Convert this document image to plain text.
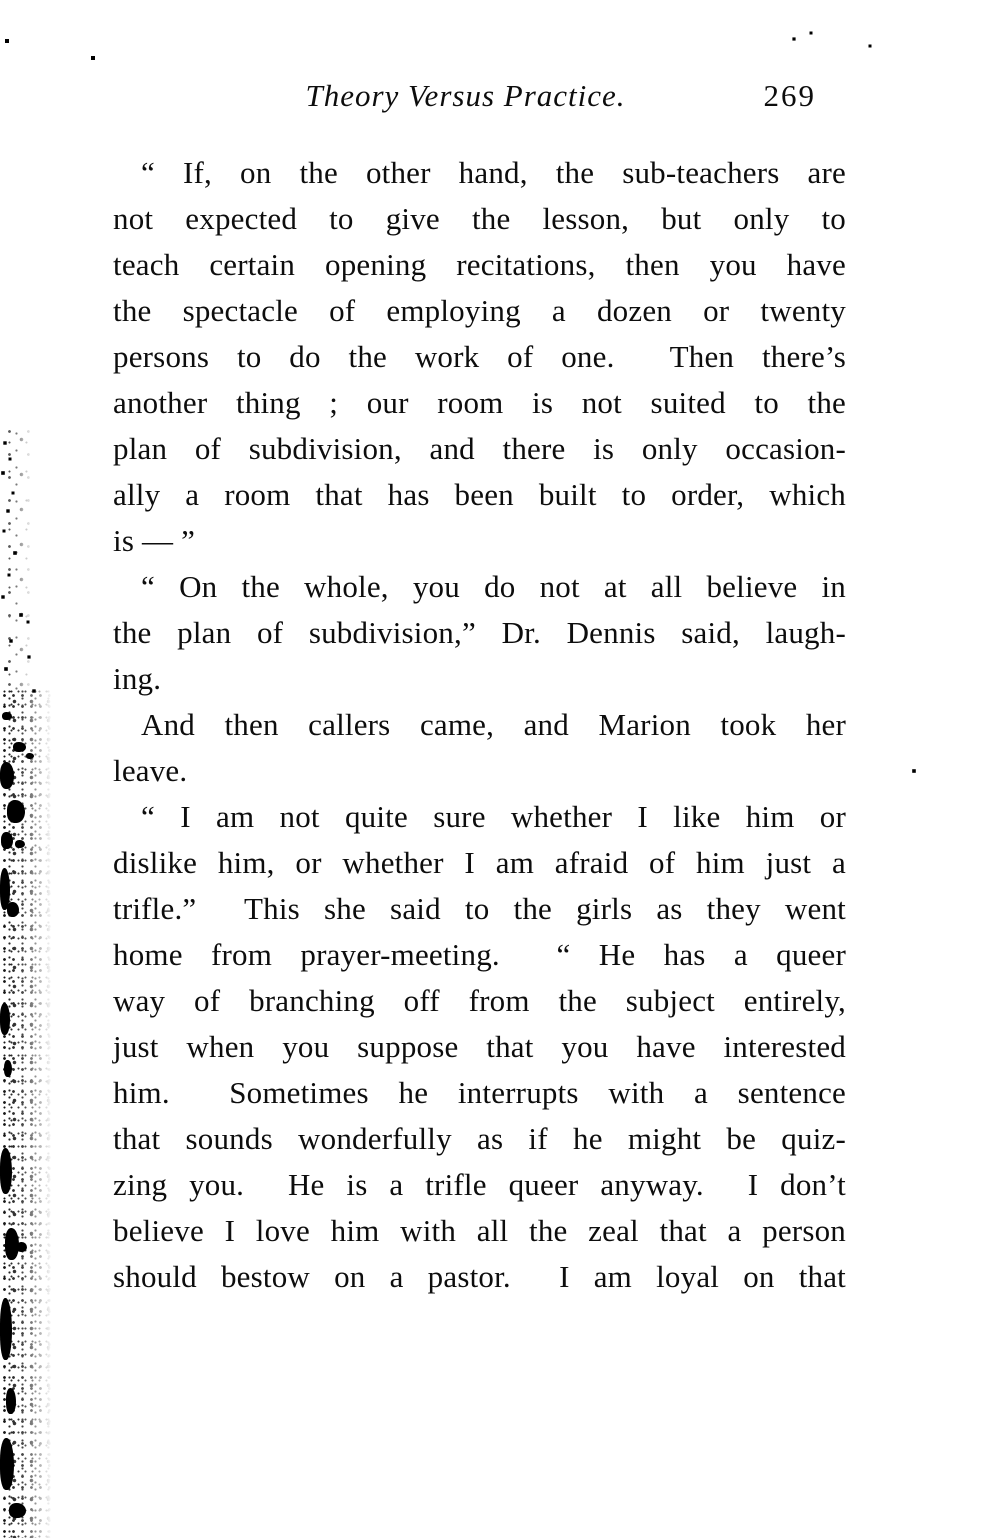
Theory Versus Practice.	269
“ If, on the other hand, the sub-teachers are
not expected to give the lesson, but only to
teach certain opening recitations, then you have
the spectacle of employing a dozen or twenty
persons to do the work of one.  Then there’s
another thing ; our room is not suited to the
plan of subdivision, and there is only occasion-
ally a room that has been built to order, which
is — ”
“ On the whole, you do not at all believe in
the plan of subdivision,” Dr. Dennis said, laugh-
ing.
And then callers came, and Marion took her
leave.
“ I am not quite sure whether I like him or
dislike him, or whether I am afraid of him just a
trifle.”  This she said to the girls as they went
home from prayer-meeting.  “ He has a queer
way of branching off from the subject entirely,
just when you suppose that you have interested
him.  Sometimes he interrupts with a sentence
that sounds wonderfully as if he might be quiz-
zing you.  He is a trifle queer anyway.  I don’t
believe I love him with all the zeal that a person
should bestow on a pastor.  I am loyal on that
